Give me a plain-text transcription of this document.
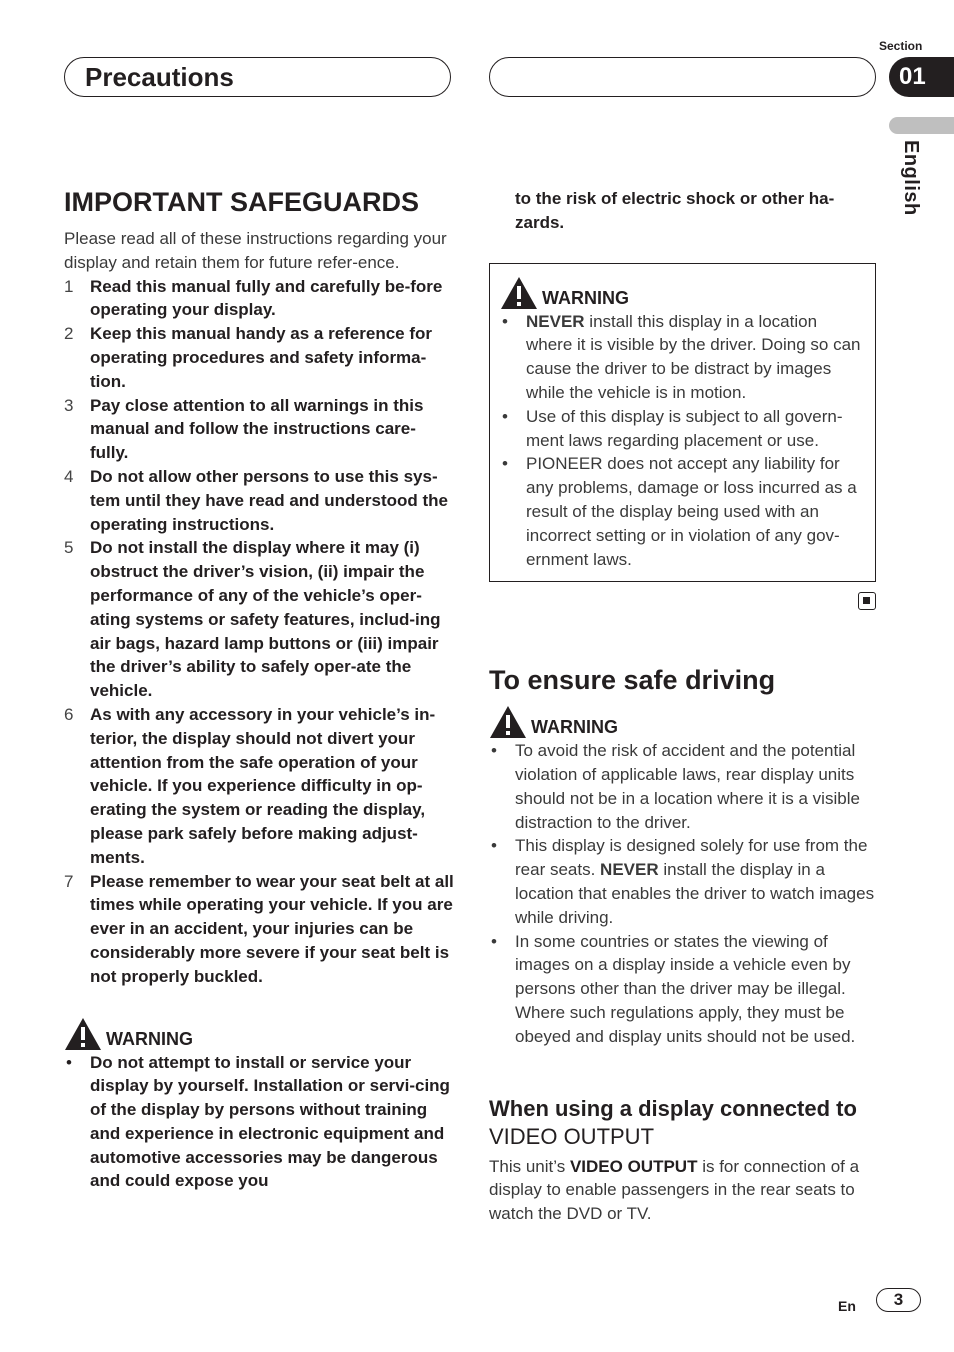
Precautions
Section
01
English
IMPORTANT SAFEGUARDS

Please read all of these instructions regarding your display and retain them for future refer-ence.

1 Read this manual fully and carefully be-fore operating your display.
2 Keep this manual handy as a reference for operating procedures and safety informa-tion.
3 Pay close attention to all warnings in this manual and follow the instructions care-fully.
4 Do not allow other persons to use this sys-tem until they have read and understood the operating instructions.
5 Do not install the display where it may (i) obstruct the driver’s vision, (ii) impair the performance of any of the vehicle’s oper-ating systems or safety features, includ-ing air bags, hazard lamp buttons or (iii) impair the driver’s ability to safely oper-ate the vehicle.
6 As with any accessory in your vehicle’s in-terior, the display should not divert your attention from the safe operation of your vehicle. If you experience difficulty in op-erating the system or reading the display, please park safely before making adjust-ments.
7 Please remember to wear your seat belt at all times while operating your vehicle. If you are ever in an accident, your injuries can be considerably more severe if your seat belt is not properly buckled.
WARNING
•	Do not attempt to install or service your display by yourself. Installation or servi-cing of the display by persons without training and experience in electronic equipment and automotive accessories may be dangerous and could expose you

to the risk of electric shock or other ha-zards.

WARNING
•	NEVER install this display in a location where it is visible by the driver. Doing so can cause the driver to be distract by images while the vehicle is in motion.
•	Use of this display is subject to all govern-ment laws regarding placement or use.
•	PIONEER does not accept any liability for any problems, damage or loss incurred as a result of the display being used with an incorrect setting or in violation of any gov-ernment laws.
To ensure safe driving
WARNING
•	To avoid the risk of accident and the potential violation of applicable laws, rear display units should not be in a location where it is a visible distraction to the driver.
•	This display is designed solely for use from the rear seats. NEVER install the display in a location that enables the driver to watch images while driving.
•	In some countries or states the viewing of images on a display inside a vehicle even by persons other than the driver may be illegal. Where such regulations apply, they must be obeyed and display units should not be used.
When using a display connected to VIDEO OUTPUT

This unit’s VIDEO OUTPUT is for connection of a display to enable passengers in the rear seats to watch the DVD or TV.

En	3
